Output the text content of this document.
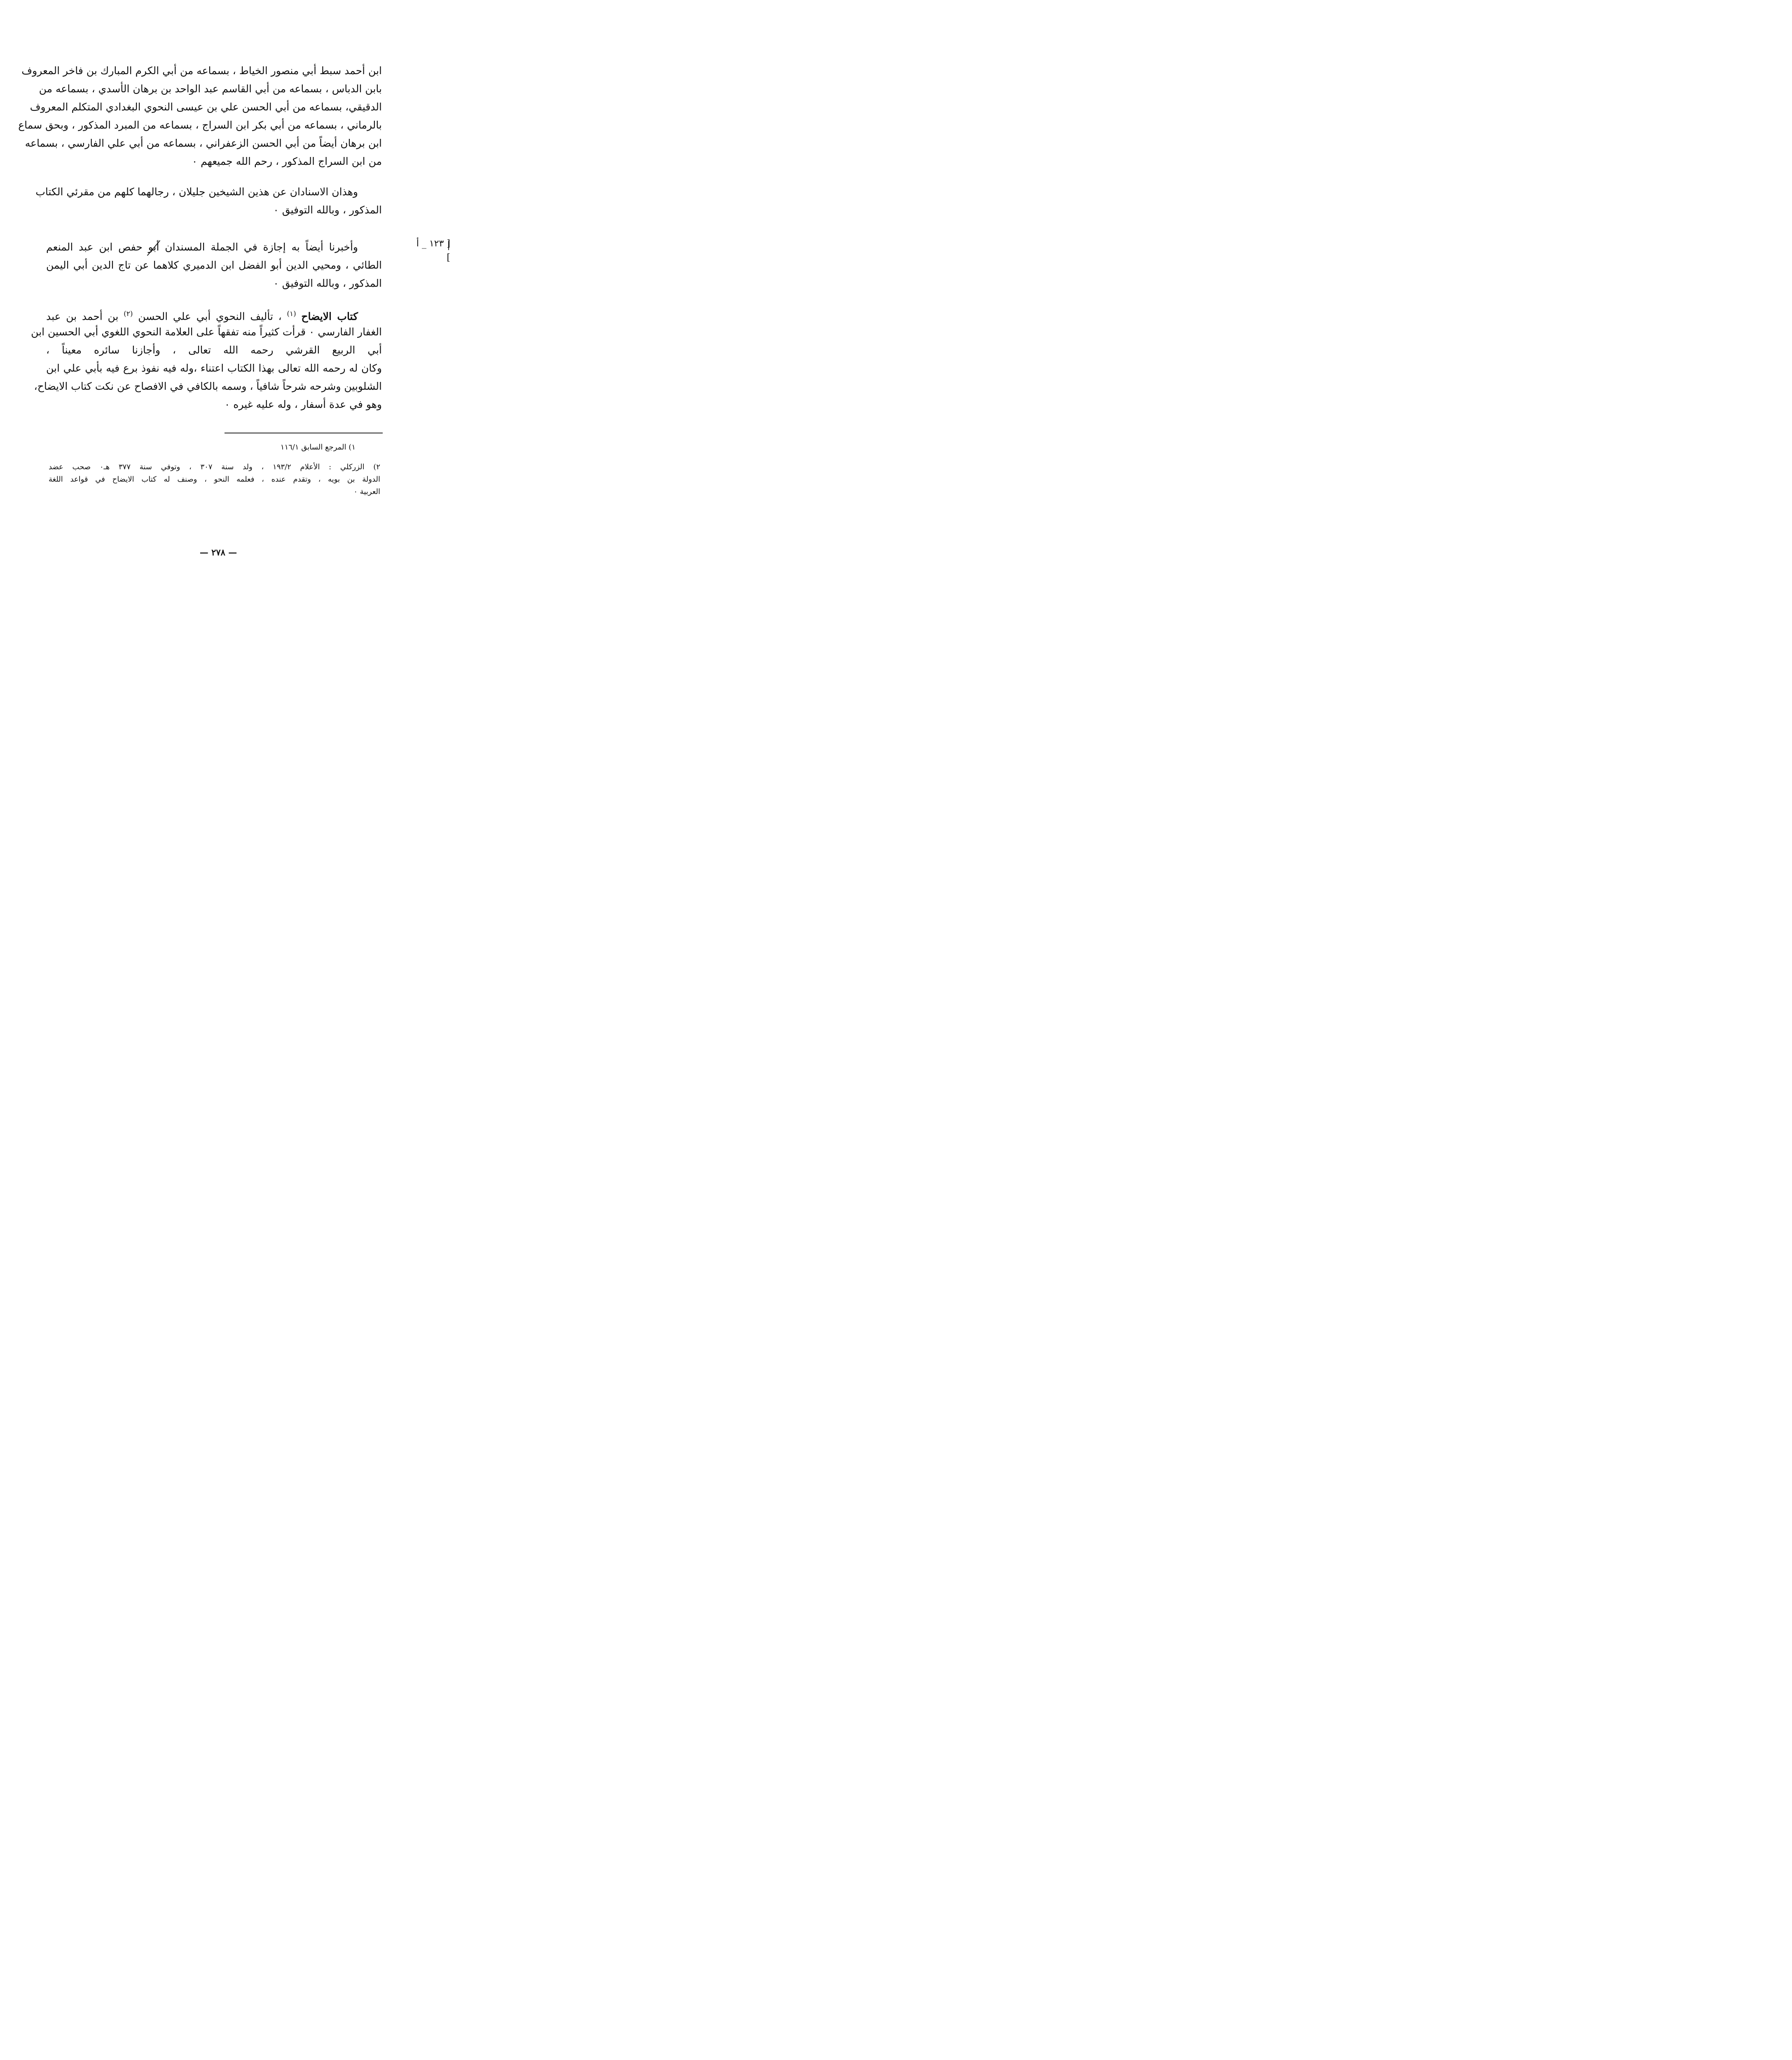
ابن أحمد سبط أبي منصور الخياط ، بسماعه من أبي الكرم المبارك بن فاخر المعروف
بابن الدباس ، بسماعه من أبي القاسم عبد الواحد بن برهان الأسدي ، بسماعه من
الدقيقي، بسماعه من أبي الحسن علي بن عيسى النحوي البغدادي المتكلم المعروف
بالرماني ، بسماعه من أبي بكر ابن السراج ، بسماعه من المبرد المذكور ، وبحق سماع
ابن برهان أيضاً من أبي الحسن الزعفراني ، بسماعه من أبي علي الفارسي ، بسماعه
من ابن السراج المذكور ، رحم الله جميعهم ٠
وهذان الاسنادان عن هذين الشيخين جليلان ، رجالهما كلهم من مقرئي الكتاب
المذكور ، وبالله التوفيق ٠
[ ١٢٣ _ أ ]
وأخبرنا أيضاً به إجازة في الجملة المسندان أبو حفص ابن عبد المنعم
الطائي ، ومحيي الدين أبو الفضل ابن الدميري كلاهما عن تاج الدين أبي اليمن
المذكور ، وبالله التوفيق ٠
كتاب الايضاح $^{(١)}$ ، تأليف النحوي أبي علي الحسن $^{(٢)}$ بن أحمد بن عبد
الغفار الفارسي ٠ قرأت كثيراً منه تفقهاً على العلامة النحوي اللغوي أبي الحسين ابن
أبي الربيع القرشي رحمه الله تعالى ، وأجازنا سائره معيناً ،
وكان له رحمه الله تعالى بهذا الكتاب اعتناء ،وله فيه نفوذ برع فيه بأبي علي ابن
الشلوبين وشرحه شرحاً شافياً ، وسمه بالكافي في الافصاح عن نكت كتاب الايضاح،
وهو في عدة أسفار ، وله عليه غيره ٠
١) المرجع السابق ١١٦/١
٢) الزركلي : الأعلام ١٩٣/٢ ، ولد سنة ٣٠٧ ، وتوفي سنة ٣٧٧ هـ٠ صحب عضد
الدولة بن بويه ، وتقدم عنده ، فعلمه النحو ، وصنف له كتاب الايضاح في قواعد اللغة
العربية ٠
— ٢٧٨ —
